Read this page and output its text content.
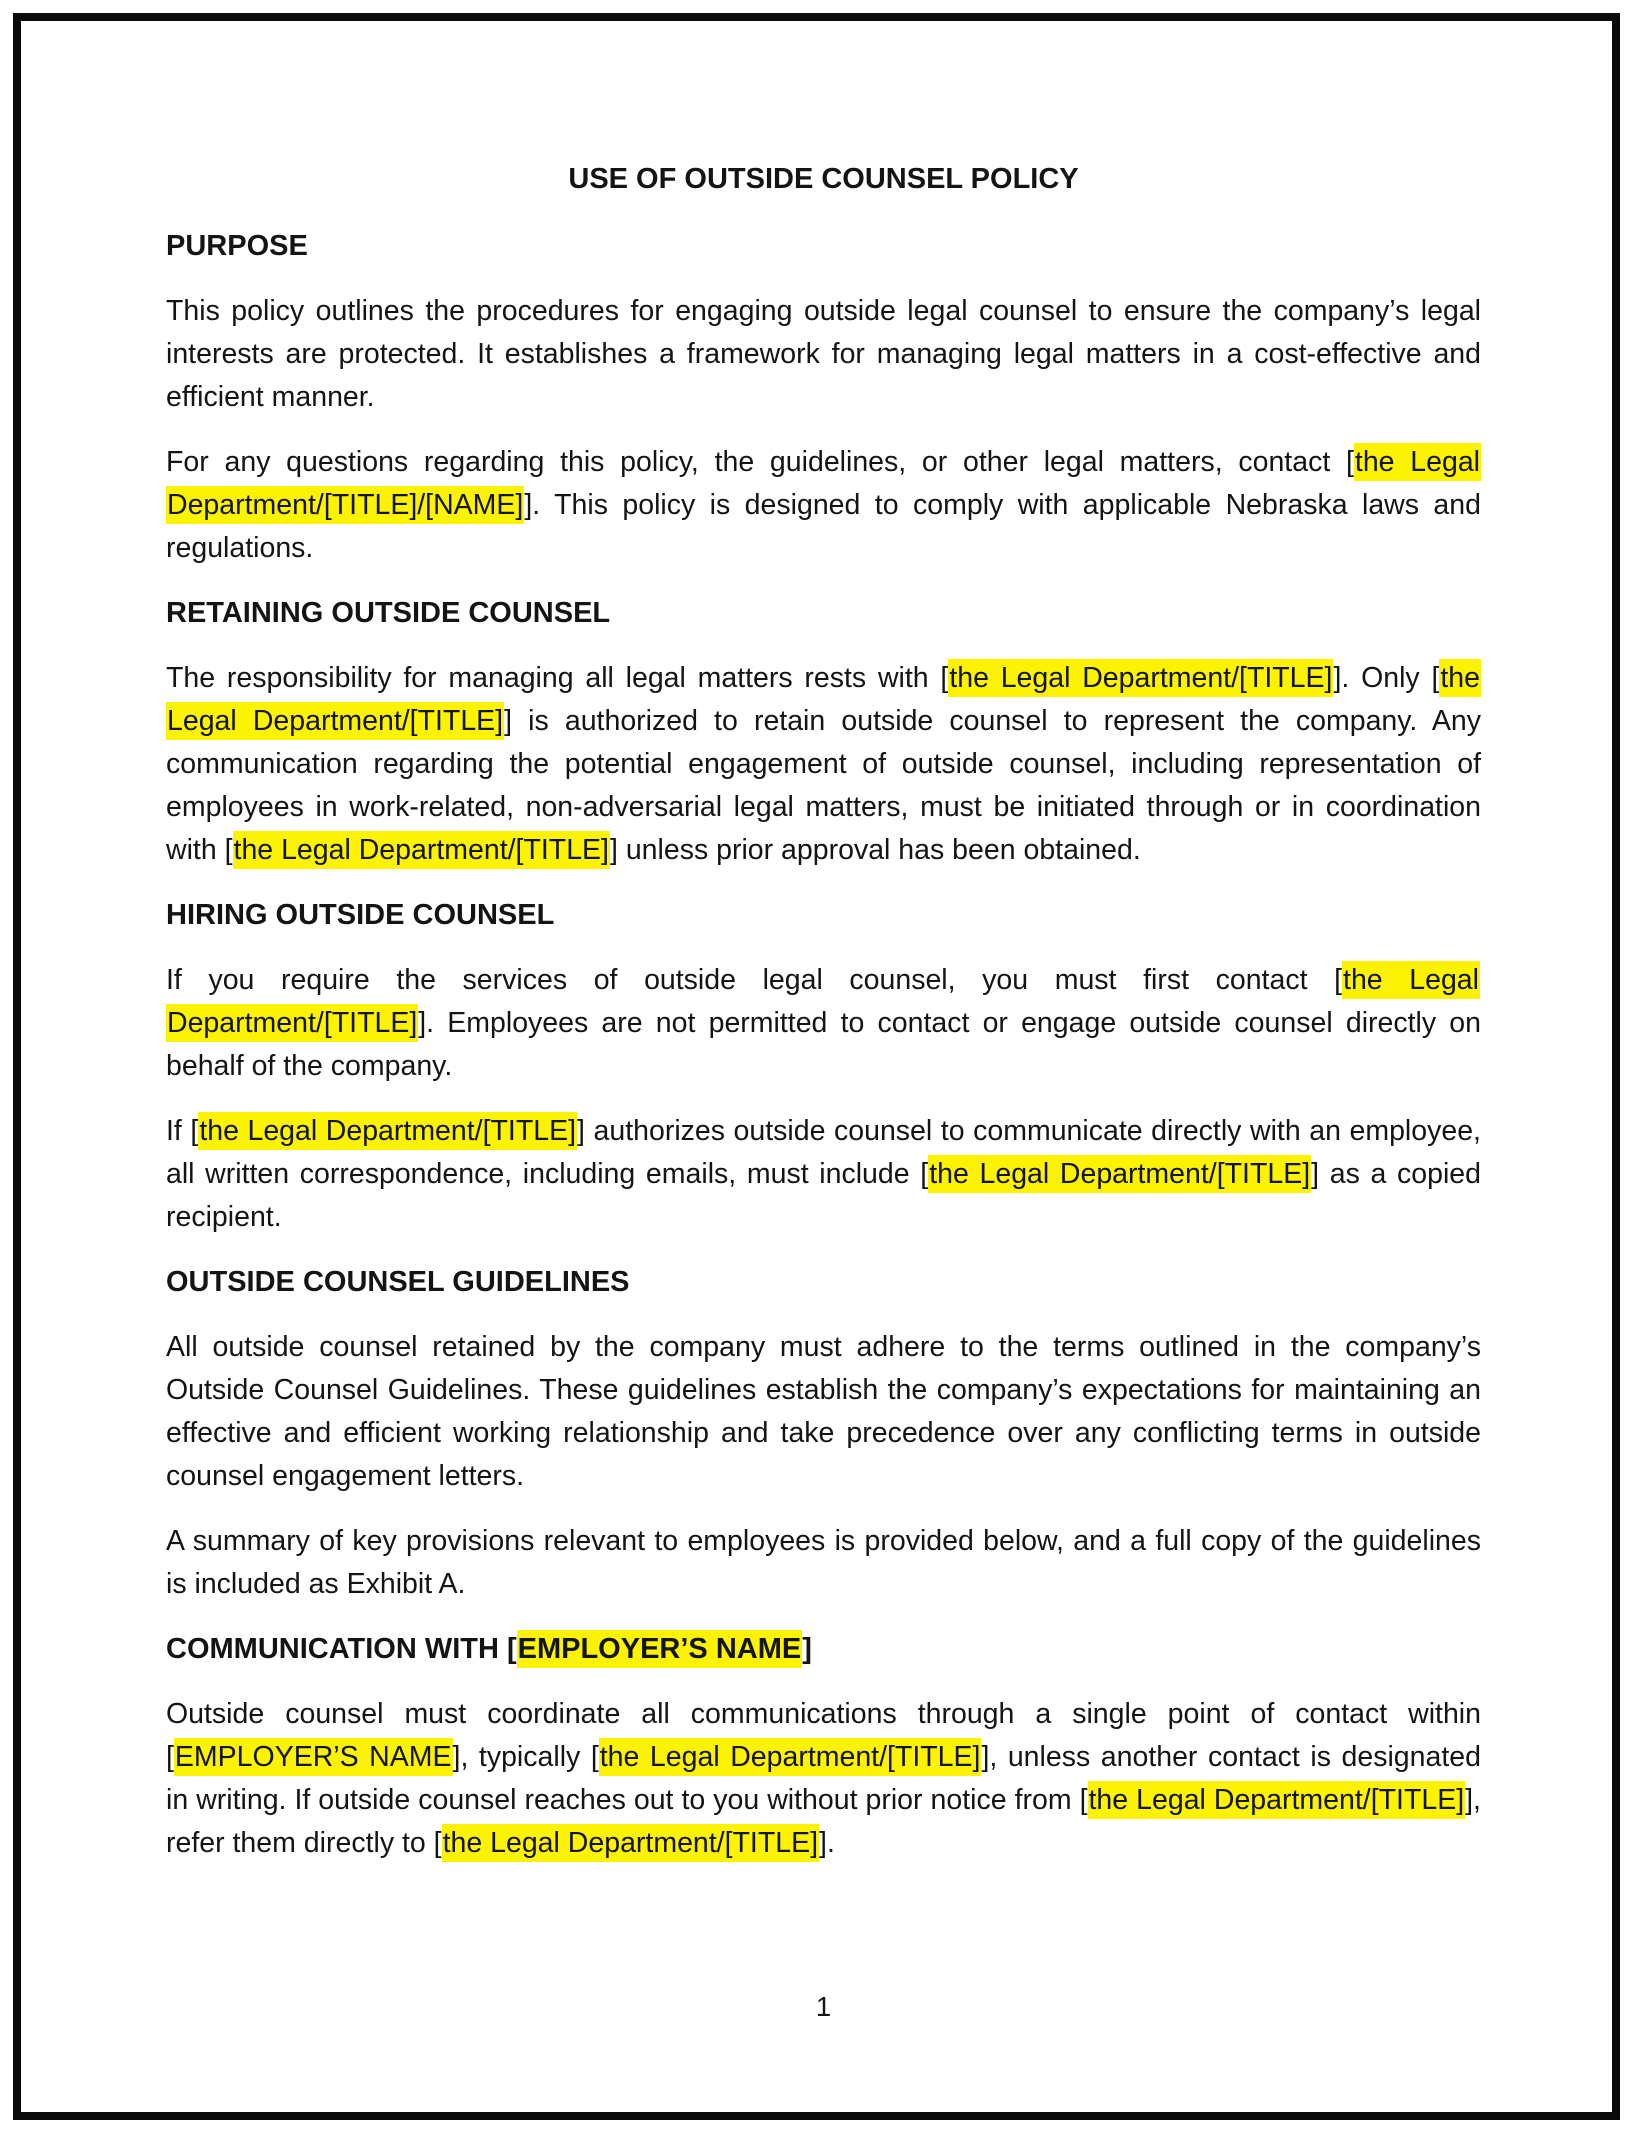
USE OF OUTSIDE COUNSEL POLICY
PURPOSE

This policy outlines the procedures for engaging outside legal counsel to ensure the company’s legal interests are protected. It establishes a framework for managing legal matters in a cost-effective and efficient manner.

For any questions regarding this policy, the guidelines, or other legal matters, contact [the Legal Department/[TITLE]/[NAME]]. This policy is designed to comply with applicable Nebraska laws and regulations.

RETAINING OUTSIDE COUNSEL

The responsibility for managing all legal matters rests with [the Legal Department/[TITLE]]. Only [the Legal Department/[TITLE]] is authorized to retain outside counsel to represent the company. Any communication regarding the potential engagement of outside counsel, including representation of employees in work-related, non-adversarial legal matters, must be initiated through or in coordination with [the Legal Department/[TITLE]] unless prior approval has been obtained.

HIRING OUTSIDE COUNSEL

If you require the services of outside legal counsel, you must first contact [the Legal Department/[TITLE]]. Employees are not permitted to contact or engage outside counsel directly on behalf of the company.

If [the Legal Department/[TITLE]] authorizes outside counsel to communicate directly with an employee, all written correspondence, including emails, must include [the Legal Department/[TITLE]] as a copied recipient.

OUTSIDE COUNSEL GUIDELINES

All outside counsel retained by the company must adhere to the terms outlined in the company’s Outside Counsel Guidelines. These guidelines establish the company’s expectations for maintaining an effective and efficient working relationship and take precedence over any conflicting terms in outside counsel engagement letters.

A summary of key provisions relevant to employees is provided below, and a full copy of the guidelines is included as Exhibit A.

COMMUNICATION WITH [EMPLOYER’S NAME]

Outside counsel must coordinate all communications through a single point of contact within [EMPLOYER’S NAME], typically [the Legal Department/[TITLE]], unless another contact is designated in writing. If outside counsel reaches out to you without prior notice from [the Legal Department/[TITLE]], refer them directly to [the Legal Department/[TITLE]].

1
